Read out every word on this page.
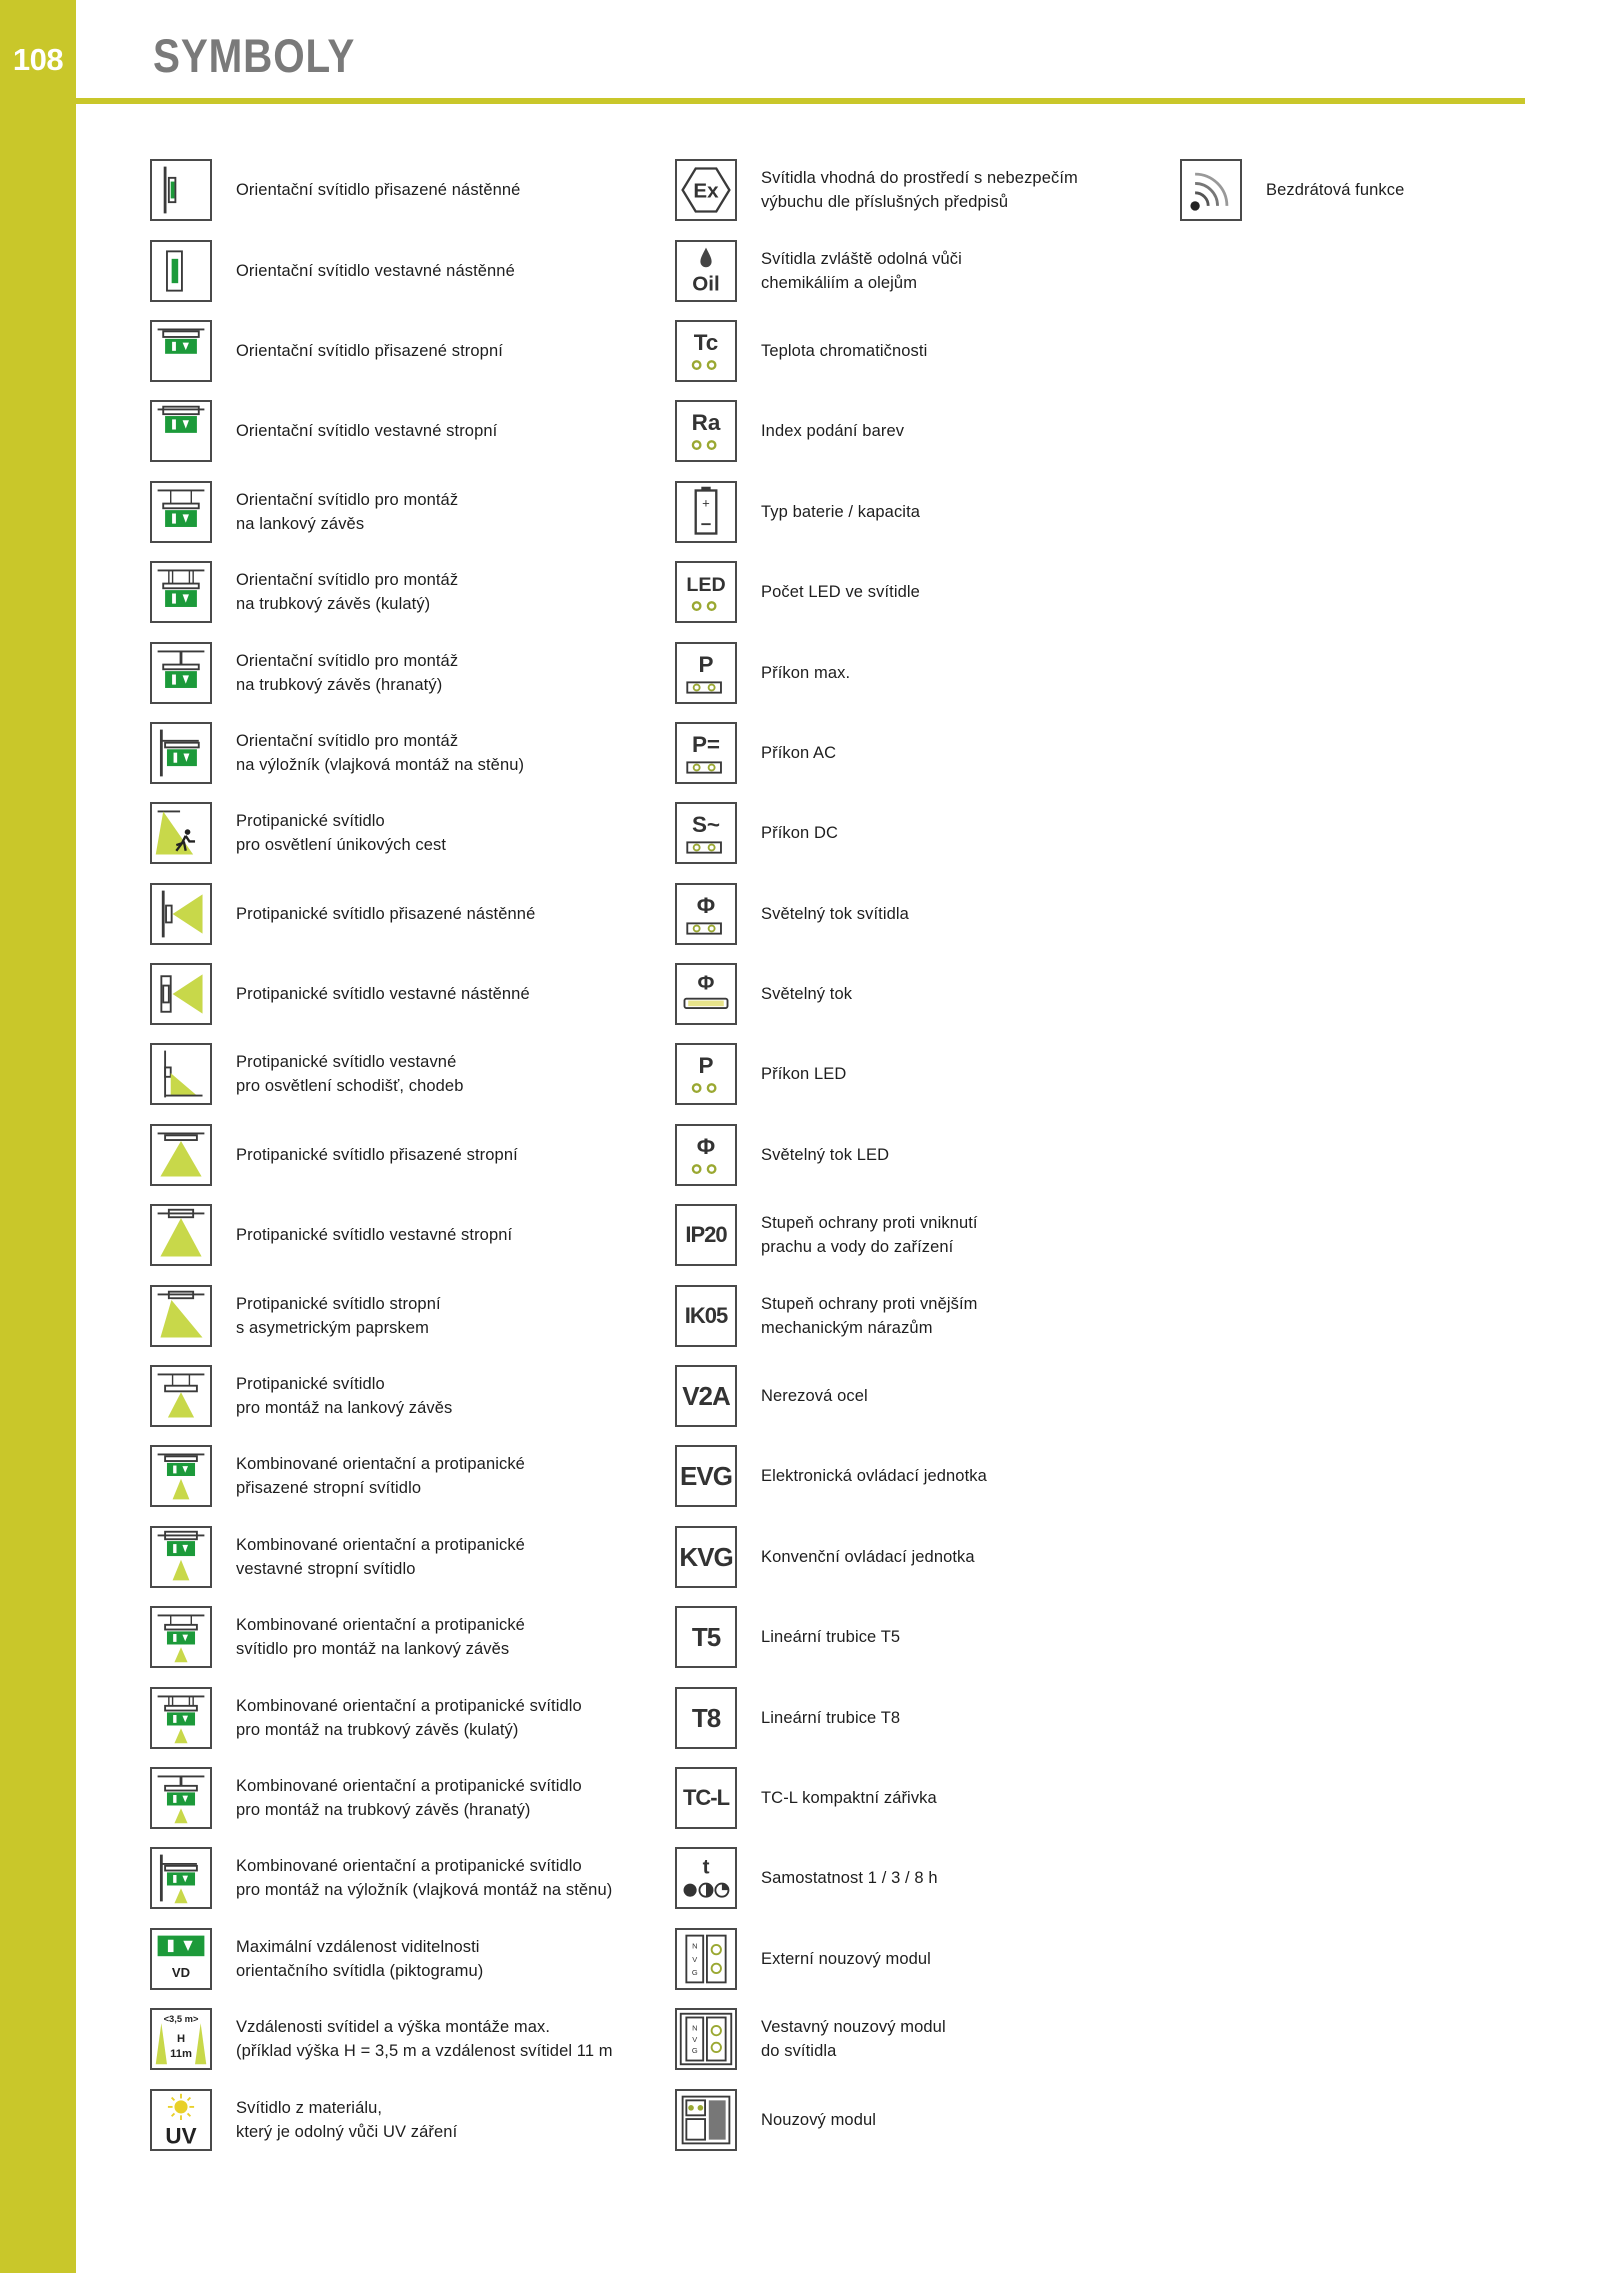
108 SYMBOLY
Orientační svítidlo přisazené nástěnné
Orientační svítidlo vestavné nástěnné
Orientační svítidlo přisazené stropní
Orientační svítidlo vestavné stropní
Orientační svítidlo pro montáž
na lankový závěs
Orientační svítidlo pro montáž
na trubkový závěs (kulatý)
Orientační svítidlo pro montáž
na trubkový závěs (hranatý)
Orientační svítidlo pro montáž
na výložník (vlajková montáž na stěnu)
Protipanické svítidlo
pro osvětlení únikových cest
Protipanické svítidlo přisazené nástěnné
Protipanické svítidlo vestavné nástěnné
Protipanické svítidlo vestavné
pro osvětlení schodišť, chodeb
Protipanické svítidlo přisazené stropní
Protipanické svítidlo vestavné stropní
Protipanické svítidlo stropní
s asymetrickým paprskem
Protipanické svítidlo
pro montáž na lankový závěs
Kombinované orientační a protipanické
přisazené stropní svítidlo
Kombinované orientační a protipanické
vestavné stropní svítidlo
Kombinované orientační a protipanické
svítidlo pro montáž na lankový závěs
Kombinované orientační a protipanické svítidlo
pro montáž na trubkový závěs (kulatý)
Kombinované orientační a protipanické svítidlo
pro montáž na trubkový závěs (hranatý)
Kombinované orientační a protipanické svítidlo
pro montáž na výložník (vlajková montáž na stěnu)
VD
Maximální vzdálenost viditelnosti
orientačního svítidla (piktogramu)
<3,5 m>
H
11m
Vzdálenosti svítidel a výška montáže max.
(příklad výška H = 3,5 m a vzdálenost svítidel 11 m
UV
Svítidlo z materiálu,
který je odolný vůči UV záření
Ex
Svítidla vhodná do prostředí s nebezpečím
výbuchu dle příslušných předpisů
Oil
Svítidla zvláště odolná vůči
chemikáliím a olejům
Tc	Teplota chromatičnosti
Ra Index podání barev
+
Typ baterie / kapacita
LED Počet LED ve svítidle
P	Příkon max.
P= Příkon AC
S~ Příkon DC
Φ	Světelný tok svítidla
Φ	Světelný tok
P	Příkon LED
Φ	Světelný tok LED
IP20 Stupeň ochrany proti vniknutí
prachu a vody do zařízení
IK05 Stupeň ochrany proti vnějším
mechanickým nárazům
V2A Nerezová ocel
EVG Elektronická ovládací jednotka
KVG Konvenční ovládací jednotka
T5 Lineární trubice T5
T8 Lineární trubice T8
TC-L TC-L kompaktní zářivka
t	Samostatnost 1 / 3 / 8 h
N
V
G
Externí nouzový modul
N
V
G
Vestavný nouzový modul
do svítidla
Nouzový modul
Bezdrátová funkce
